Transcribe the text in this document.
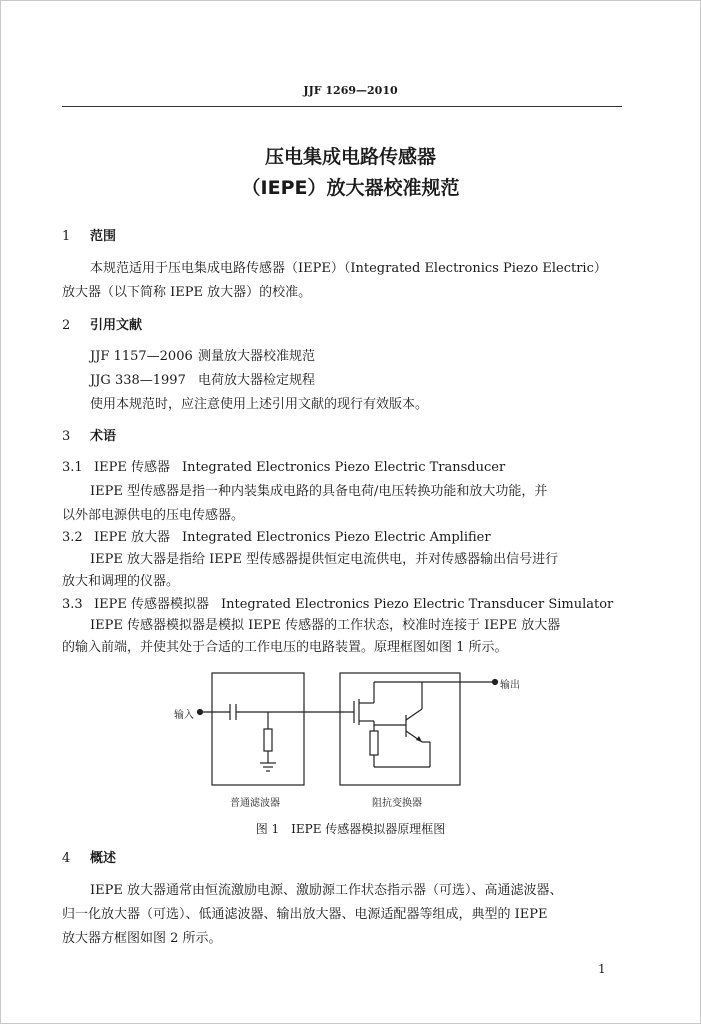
JJF 1269—2010
压电集成电路传感器
（IEPE）放大器校准规范
1 范围
本规范适用于压电集成电路传感器（IEPE）（Integrated Electronics Piezo Electric）
放大器（以下简称 IEPE 放大器）的校准。
2 引用文献
JJF 1157—2006 测量放大器校准规范
JJG 338—1997 电荷放大器检定规程
使用本规范时，应注意使用上述引用文献的现行有效版本。
3 术语
3.1 IEPE 传感器 Integrated Electronics Piezo Electric Transducer
IEPE 型传感器是指一种内装集成电路的具备电荷/电压转换功能和放大功能，并
以外部电源供电的压电传感器。
3.2 IEPE 放大器 Integrated Electronics Piezo Electric Amplifier
IEPE 放大器是指给 IEPE 型传感器提供恒定电流供电，并对传感器输出信号进行
放大和调理的仪器。
3.3 IEPE 传感器模拟器 Integrated Electronics Piezo Electric Transducer Simulator
IEPE 传感器模拟器是模拟 IEPE 传感器的工作状态，校准时连接于 IEPE 放大器
的输入前端，并使其处于合适的工作电压的电路装置。原理框图如图 1 所示。
输入
输出
普通滤波器	阻抗变换器
图 1　IEPE 传感器模拟器原理框图
4 概述
IEPE 放大器通常由恒流激励电源、激励源工作状态指示器（可选）、高通滤波器、
归一化放大器（可选）、低通滤波器、输出放大器、电源适配器等组成，典型的 IEPE
放大器方框图如图 2 所示。
1
